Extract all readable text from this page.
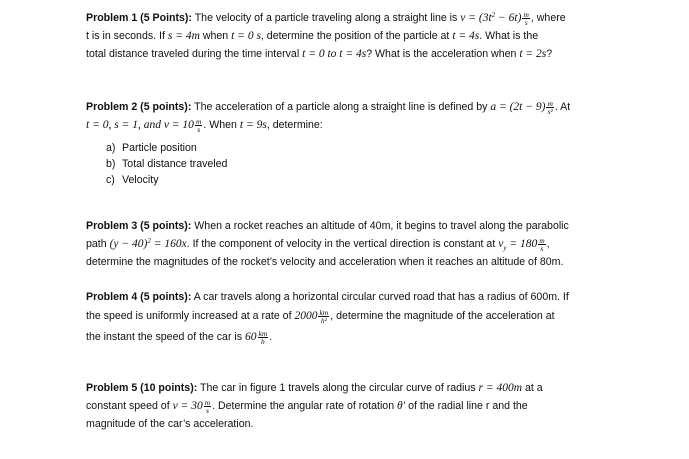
Problem 1 (5 Points): The velocity of a particle traveling along a straight line is $v = (3t^2 - 6t) \frac{m}{s}$ , where
t is in seconds. If s = 4m when t = 0 s, determine the position of the particle at t = 4s. What is the
total distance traveled during the time interval t = 0 to t = 4s? What is the acceleration when t = 2s?
Problem 2 (5 points): The acceleration of a particle along a straight line is defined by $a = (2t - 9) \frac{m}{\text{s²}}$ . At
t = 0, s = 1, and $v = 10 \frac{m}{s}$ . When t = 9s, determine:
a) Particle position
b) Total distance traveled
c) Velocity
Problem 3 (5 points): When a rocket reaches an altitude of 40m, it begins to travel along the parabolic
path $(y - 40)^2 = 160x$. If the component of velocity in the vertical direction is constant at $v_y = 180 \frac{m}{s}$ ,
determine the magnitudes of the rocket’s velocity and acceleration when it reaches an altitude of 80m.
Problem 4 (5 points): A car travels along a horizontal circular curved road that has a radius of 600m. If
the speed is uniformly increased at a rate of $2000 \frac{km}{\text{h²}}$ , determine the magnitude of the acceleration at
the instant the speed of the car is $60 \frac{km}{h}$ .
Problem 5 (10 points): The car in figure 1 travels along the circular curve of radius r = 400m at a
constant speed of $v = 30 \frac{m}{s}$ . Determine the angular rate of rotation θ′ of the radial line r and the
magnitude of the car’s acceleration.
